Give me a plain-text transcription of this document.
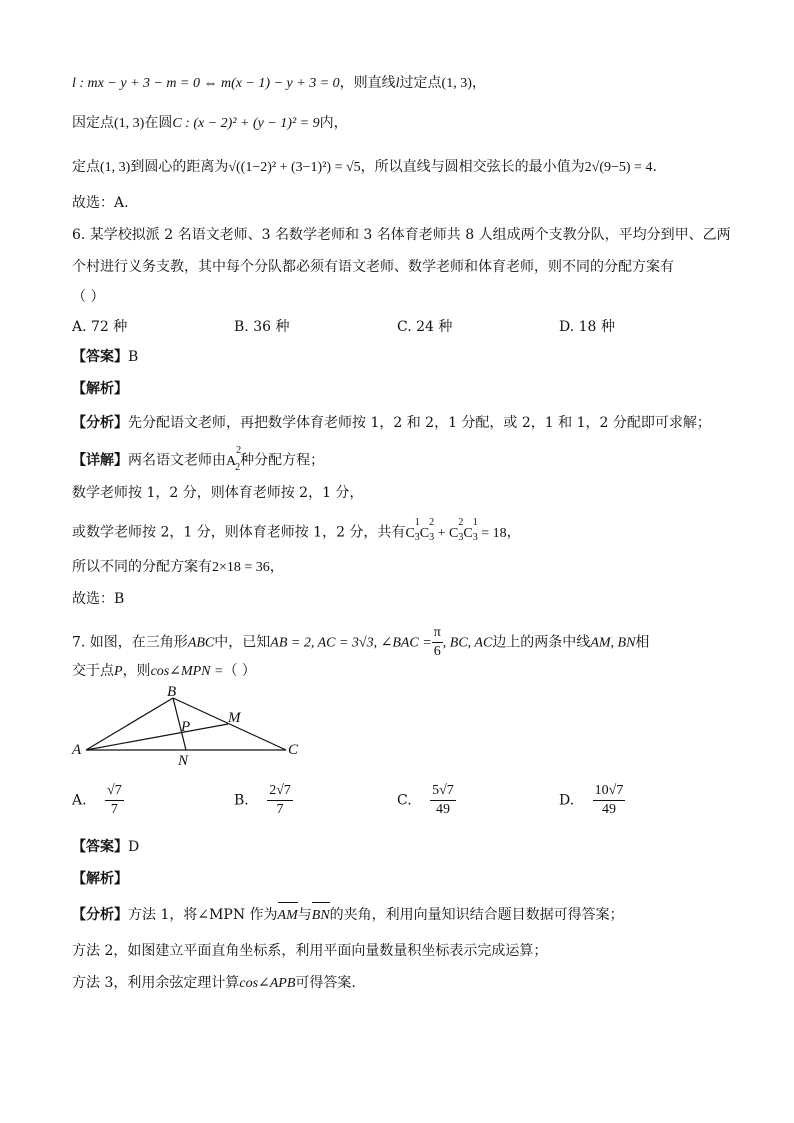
l : mx − y + 3 − m = 0 ⇔ m(x − 1) − y + 3 = 0，则直线l过定点(1, 3)，
因定点(1, 3)在圆C : (x − 2)² + (y − 1)² = 9内，
定点(1, 3)到圆心的距离为√((1−2)² + (3−1)²) = √5，所以直线与圆相交弦长的最小值为2√(9−5) = 4.
故选：A.
6. 某学校拟派 2 名语文老师、3 名数学老师和 3 名体育老师共 8 人组成两个支教分队，平均分到甲、乙两
个村进行义务支教，其中每个分队都必须有语文老师、数学老师和体育老师，则不同的分配方案有
（ ）
A. 72 种	B. 36 种	C. 24 种	D. 18 种
【答案】B
【解析】
【分析】先分配语文老师，再把数学体育老师按 1，2 和 2，1 分配，或 2，1 和 1，2 分配即可求解；
【详解】两名语文老师由$A^2_2$种分配方程；
数学老师按 1，2 分，则体育老师按 2，1 分，
或数学老师按 2，1 分，则体育老师按 1，2 分，共有$C^1_3C^2_3 + C^2_3C^1_3 = 18$，
所以不同的分配方案有2×18 = 36，
故选：B
7. 如图，在三角形ABC中，已知AB = 2, AC = 3√3, ∠BAC = $\frac{\pi}{6}$ , BC, AC边上的两条中线AM, BN相
交于点P，则cos∠MPN =（ ）
A
B
C
M
N
P
A. $\frac{√7}{7}$	B. $\frac{2√7}{7}$	C. $\frac{5√7}{49}$	D. $\frac{10√7}{49}$
【答案】D
【解析】
【分析】方法 1，将∠MPN 作为AM与BN的夹角，利用向量知识结合题目数据可得答案；
方法 2，如图建立平面直角坐标系，利用平面向量数量积坐标表示完成运算；
方法 3，利用余弦定理计算cos∠APB可得答案.
